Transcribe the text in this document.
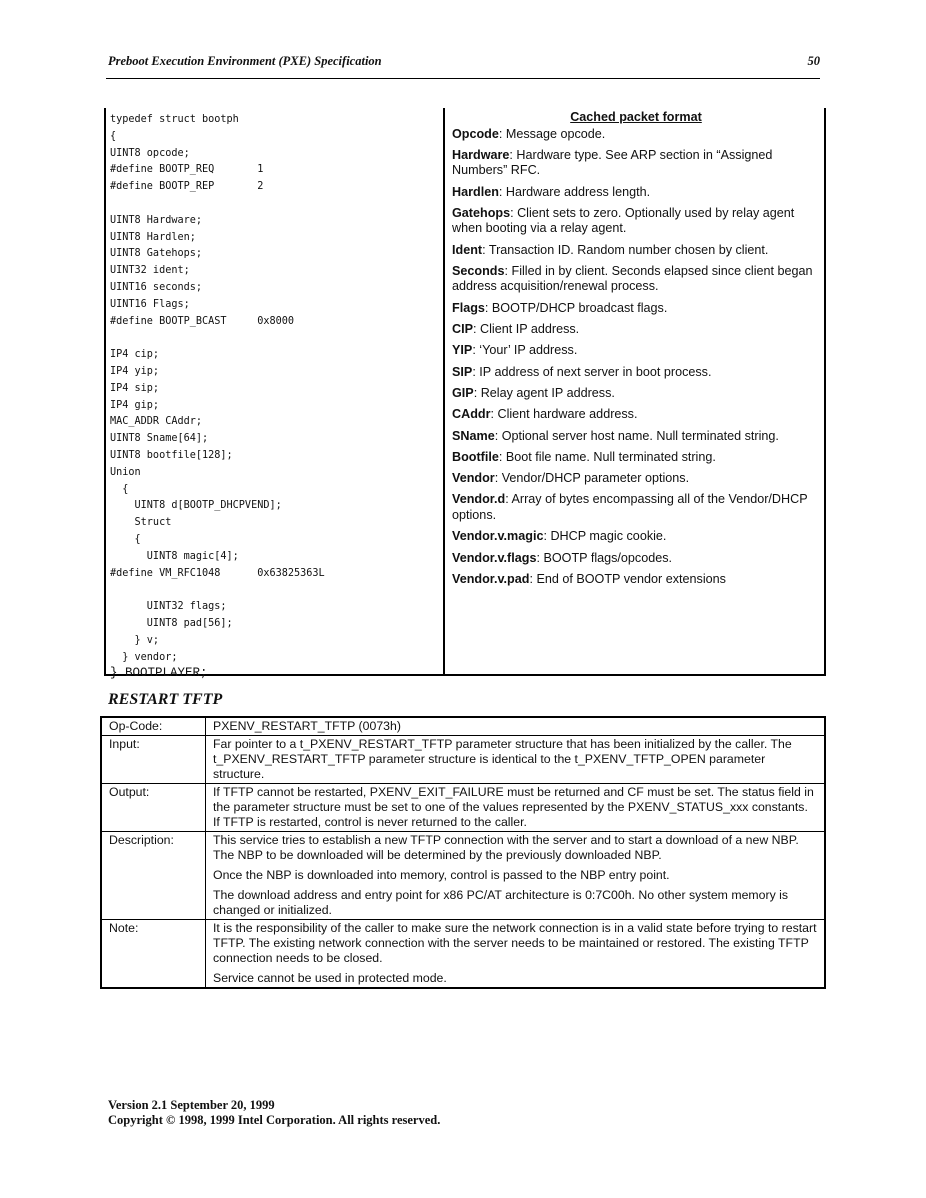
Preboot Execution Environment (PXE) Specification	50
typedef struct bootph
{
UINT8 opcode;
#define BOOTP_REQ       1
#define BOOTP_REP       2
UINT8 Hardware;
UINT8 Hardlen;
UINT8 Gatehops;
UINT32 ident;
UINT16 seconds;
UINT16 Flags;
#define BOOTP_BCAST     0x8000
IP4 cip;
IP4 yip;
IP4 sip;
IP4 gip;
MAC_ADDR CAddr;
UINT8 Sname[64];
UINT8 bootfile[128];
Union
{
UINT8 d[BOOTP_DHCPVEND];
Struct
{
UINT8 magic[4];
#define VM_RFC1048      0x63825363L
UINT32 flags;
UINT8 pad[56];
} v;
} vendor;
} BOOTPLAYER;
Cached packet format
Opcode: Message opcode.
Hardware: Hardware type. See ARP section in “Assigned Numbers” RFC.
Hardlen: Hardware address length.
Gatehops: Client sets to zero. Optionally used by relay agent when booting via a relay agent.
Ident: Transaction ID. Random number chosen by client.
Seconds: Filled in by client. Seconds elapsed since client began address acquisition/renewal process.
Flags: BOOTP/DHCP broadcast flags.
CIP: Client IP address.
YIP: ‘Your’ IP address.
SIP: IP address of next server in boot process.
GIP: Relay agent IP address.
CAddr: Client hardware address.
SName: Optional server host name. Null terminated string.
Bootfile: Boot file name. Null terminated string.
Vendor: Vendor/DHCP parameter options.
Vendor.d: Array of bytes encompassing all of the Vendor/DHCP options.
Vendor.v.magic: DHCP magic cookie.
Vendor.v.flags: BOOTP flags/opcodes.
Vendor.v.pad: End of BOOTP vendor extensions
RESTART TFTP
Op-Code:	PXENV_RESTART_TFTP (0073h)

Input:	Far pointer to a t_PXENV_RESTART_TFTP parameter structure that has been initialized by the caller. The t_PXENV_RESTART_TFTP parameter structure is identical to the t_PXENV_TFTP_OPEN parameter structure.

Output:	If TFTP cannot be restarted, PXENV_EXIT_FAILURE must be returned and CF must be set. The status field in the parameter structure must be set to one of the values represented by the PXENV_STATUS_xxx constants. If TFTP is restarted, control is never returned to the caller.

Description:	This service tries to establish a new TFTP connection with the server and to start a download of a new NBP. The NBP to be downloaded will be determined by the previously downloaded NBP.

Once the NBP is downloaded into memory, control is passed to the NBP entry point.

The download address and entry point for x86 PC/AT architecture is 0:7C00h. No other system memory is changed or initialized.

Note:	It is the responsibility of the caller to make sure the network connection is in a valid state before trying to restart TFTP. The existing network connection with the server needs to be maintained or restored. The existing TFTP connection needs to be closed.

Service cannot be used in protected mode.

Version 2.1 September 20, 1999
Copyright © 1998, 1999 Intel Corporation. All rights reserved.
